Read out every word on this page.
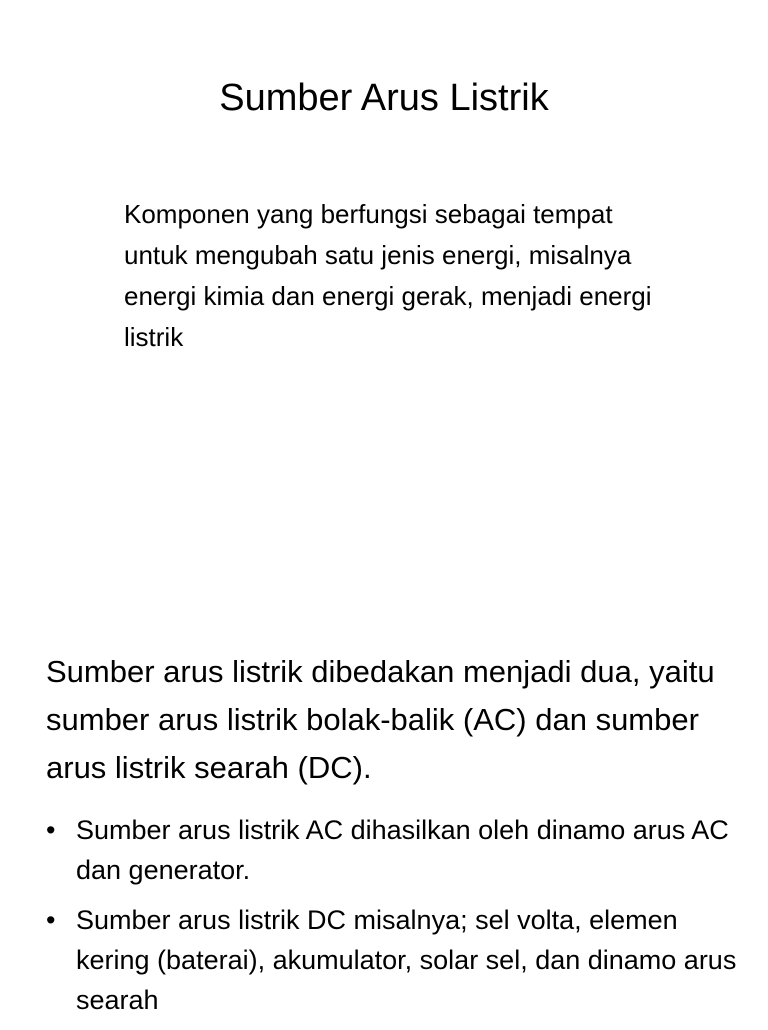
Sumber Arus Listrik

Komponen yang berfungsi sebagai tempat untuk mengubah satu jenis energi, misalnya energi kimia dan energi gerak, menjadi energi listrik

Sumber arus listrik dibedakan menjadi dua, yaitu sumber arus listrik bolak-balik (AC) dan sumber arus listrik searah (DC).

• Sumber arus listrik AC dihasilkan oleh dinamo arus AC dan generator.
• Sumber arus listrik DC misalnya; sel volta, elemen kering (baterai), akumulator, solar sel, dan dinamo arus searah
